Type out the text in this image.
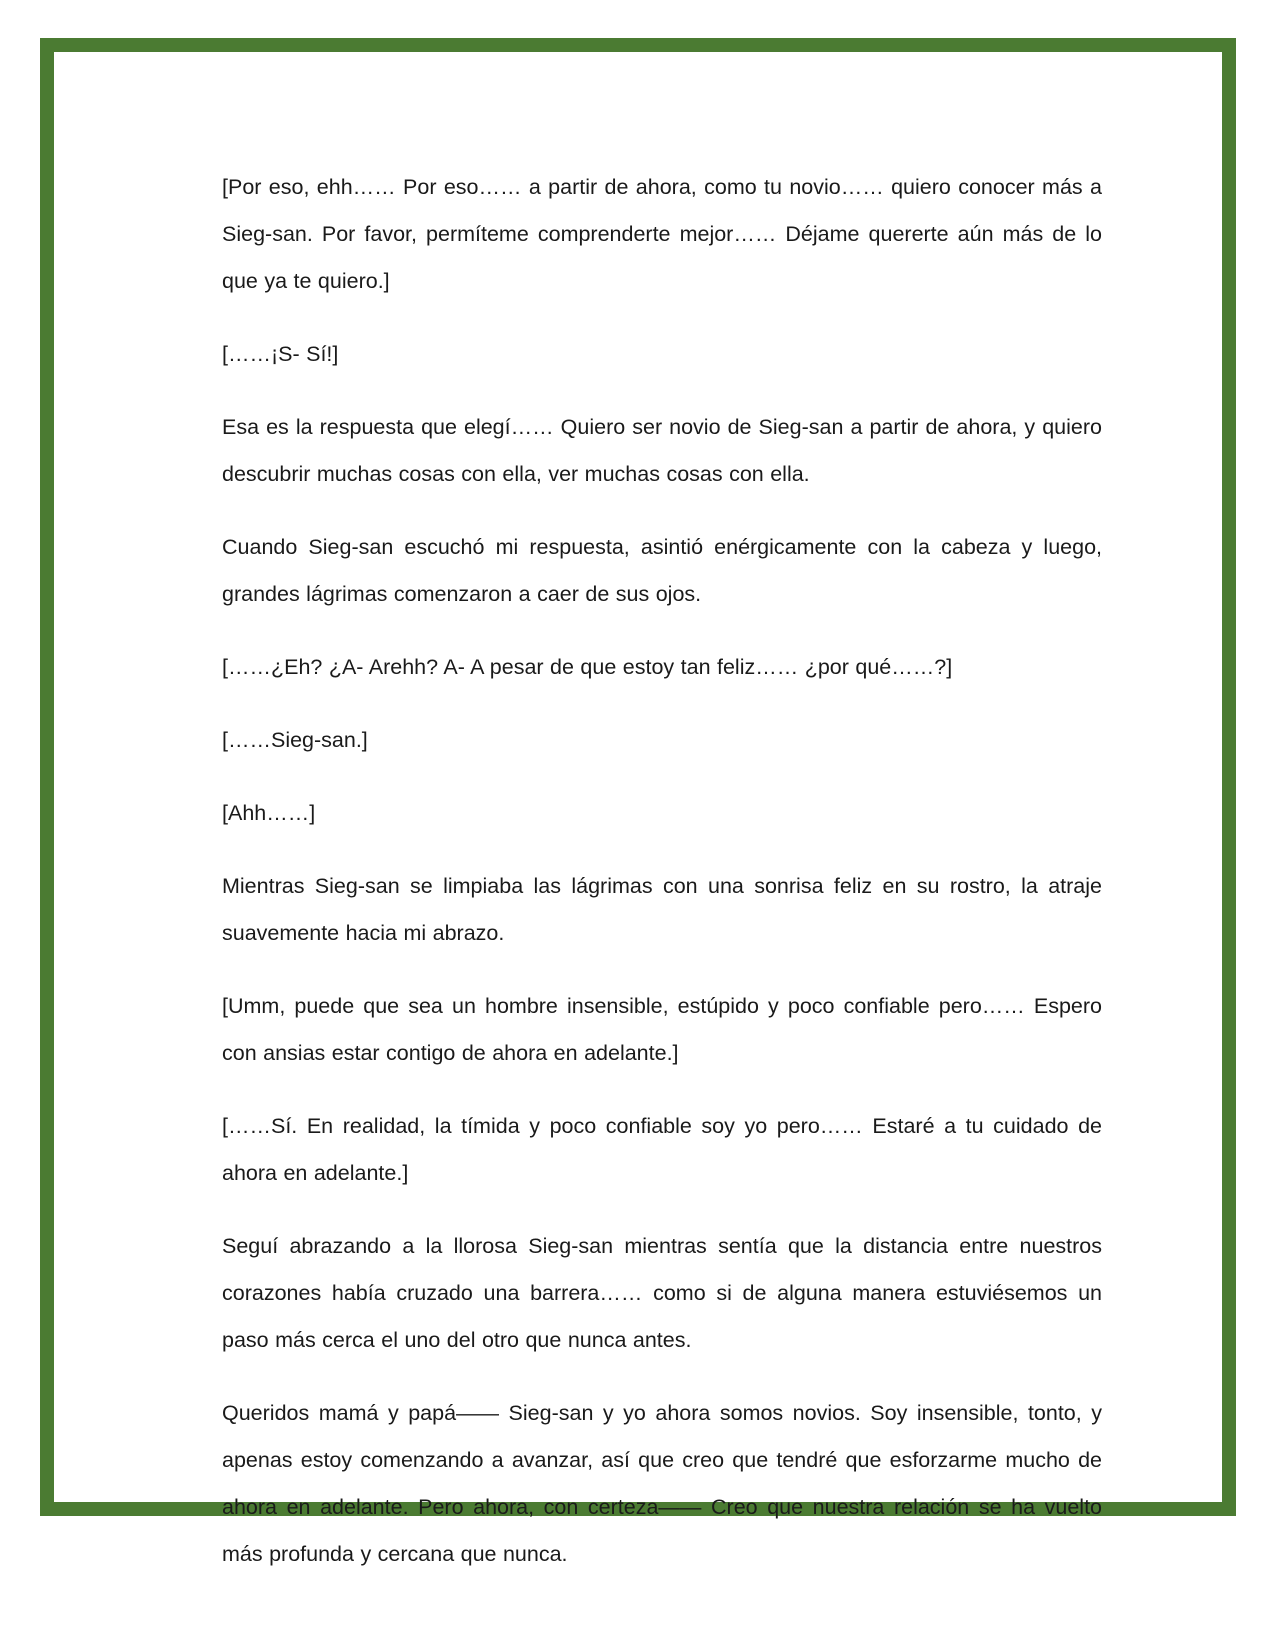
[Por eso, ehh…… Por eso…… a partir de ahora, como tu novio…… quiero conocer más a Sieg-san. Por favor, permíteme comprenderte mejor…… Déjame quererte aún más de lo que ya te quiero.]

[……¡S- Sí!]

Esa es la respuesta que elegí…… Quiero ser novio de Sieg-san a partir de ahora, y quiero descubrir muchas cosas con ella, ver muchas cosas con ella.

Cuando Sieg-san escuchó mi respuesta, asintió enérgicamente con la cabeza y luego, grandes lágrimas comenzaron a caer de sus ojos.

[……¿Eh? ¿A- Arehh? A- A pesar de que estoy tan feliz…… ¿por qué……?]

[……Sieg-san.]

[Ahh……]

Mientras Sieg-san se limpiaba las lágrimas con una sonrisa feliz en su rostro, la atraje suavemente hacia mi abrazo.

[Umm, puede que sea un hombre insensible, estúpido y poco confiable pero…… Espero con ansias estar contigo de ahora en adelante.]

[……Sí. En realidad, la tímida y poco confiable soy yo pero…… Estaré a tu cuidado de ahora en adelante.]

Seguí abrazando a la llorosa Sieg-san mientras sentía que la distancia entre nuestros corazones había cruzado una barrera…… como si de alguna manera estuviésemos un paso más cerca el uno del otro que nunca antes.

Queridos mamá y papá—— Sieg-san y yo ahora somos novios. Soy insensible, tonto, y apenas estoy comenzando a avanzar, así que creo que tendré que esforzarme mucho de ahora en adelante. Pero ahora, con certeza—— Creo que nuestra relación se ha vuelto más profunda y cercana que nunca.
